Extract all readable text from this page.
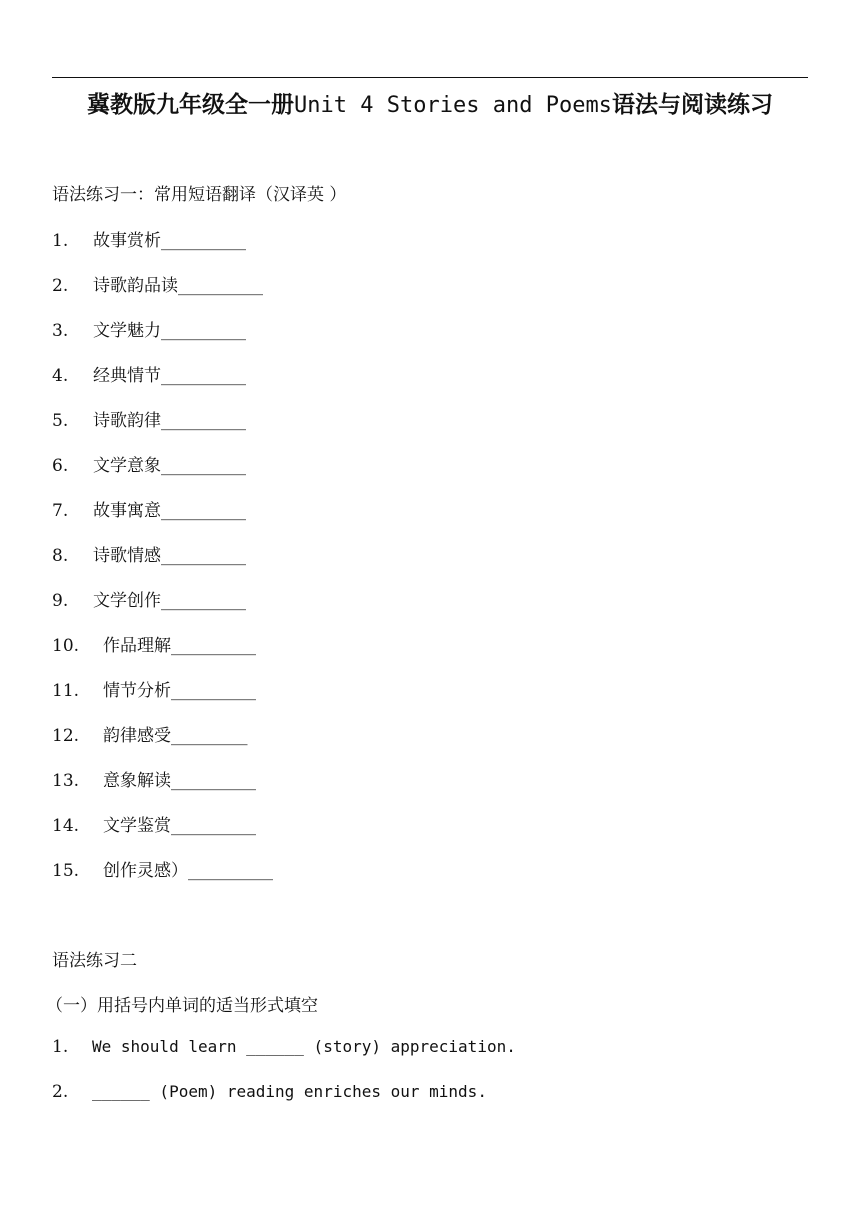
冀教版九年级全一册Unit 4 Stories and Poems语法与阅读练习
语法练习一：常用短语翻译（汉译英 ）
1. 故事赏析__________
2. 诗歌韵品读__________
3. 文学魅力__________
4. 经典情节__________
5. 诗歌韵律__________
6. 文学意象__________
7. 故事寓意__________
8. 诗歌情感__________
9. 文学创作__________
10. 作品理解__________
11. 情节分析__________
12. 韵律感受_________
13. 意象解读__________
14. 文学鉴赏__________
15. 创作灵感）__________
语法练习二
（一）用括号内单词的适当形式填空
1. We should learn ______ (story) appreciation.
2. ______ (Poem) reading enriches our minds.
